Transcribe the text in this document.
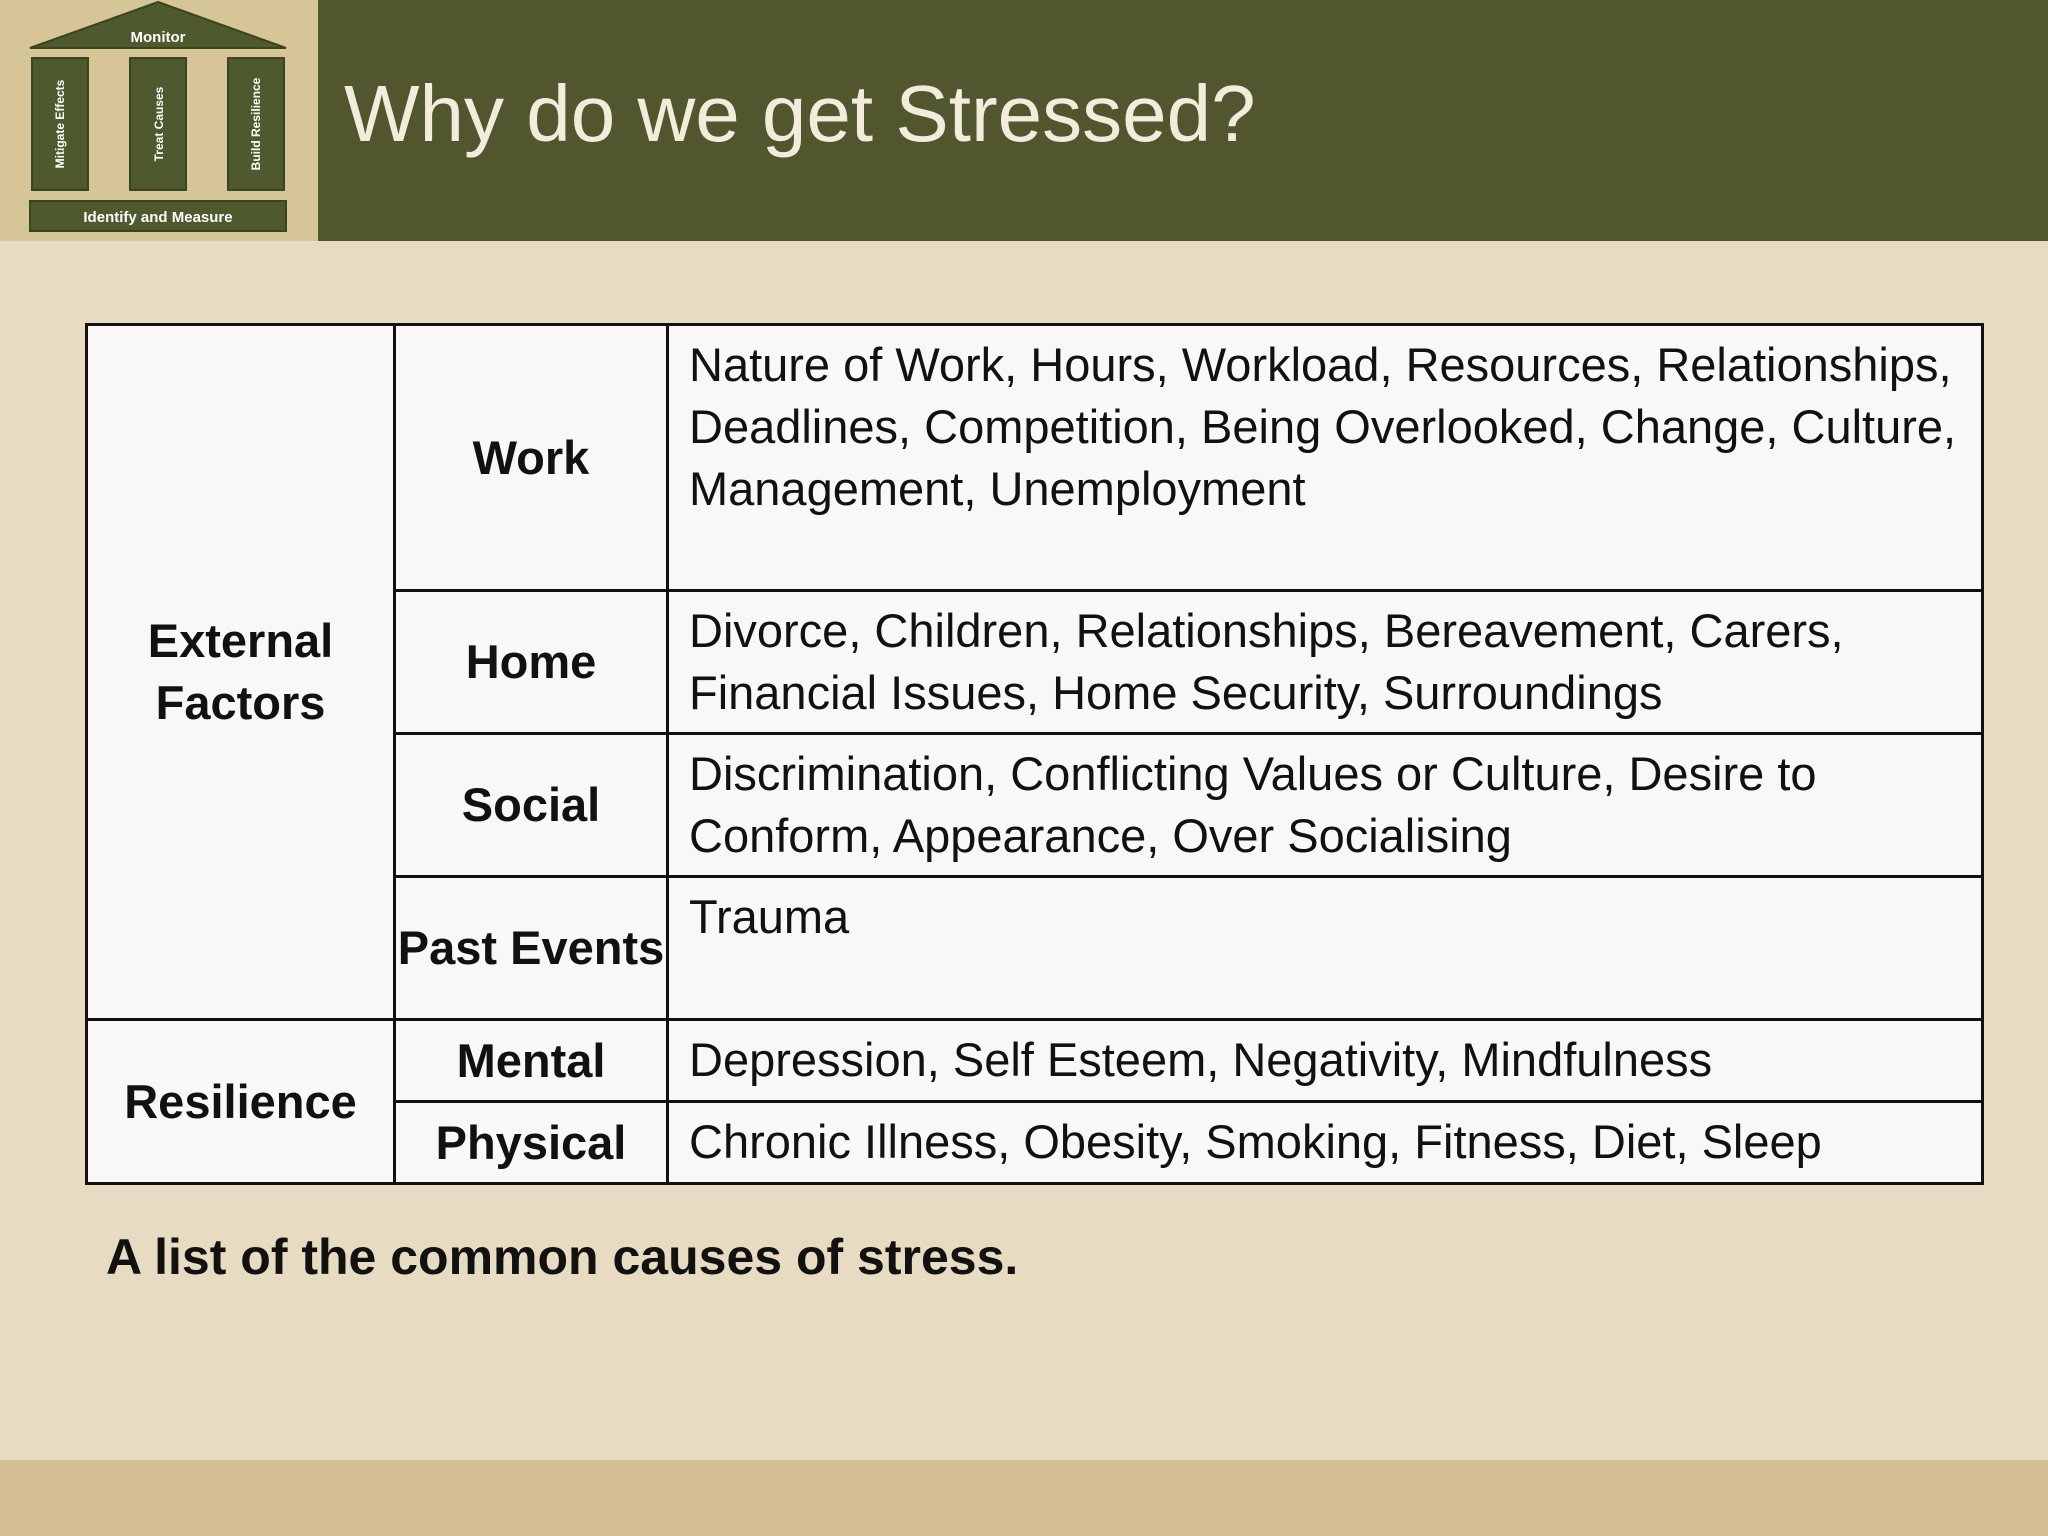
Monitor
Mitigate Effects	Treat Causes	Build Resilience
Identify and Measure
Why do we get Stressed?
External Factors	Work	Nature of Work, Hours, Workload, Resources, Relationships, Deadlines, Competition, Being Overlooked, Change, Culture, Management, Unemployment
	Home	Divorce, Children, Relationships, Bereavement, Carers, Financial Issues, Home Security, Surroundings
	Social	Discrimination, Conflicting Values or Culture, Desire to Conform, Appearance, Over Socialising
	Past Events	Trauma
Resilience	Mental	Depression, Self Esteem, Negativity, Mindfulness
	Physical	Chronic Illness, Obesity, Smoking, Fitness, Diet, Sleep

A list of the common causes of stress.
